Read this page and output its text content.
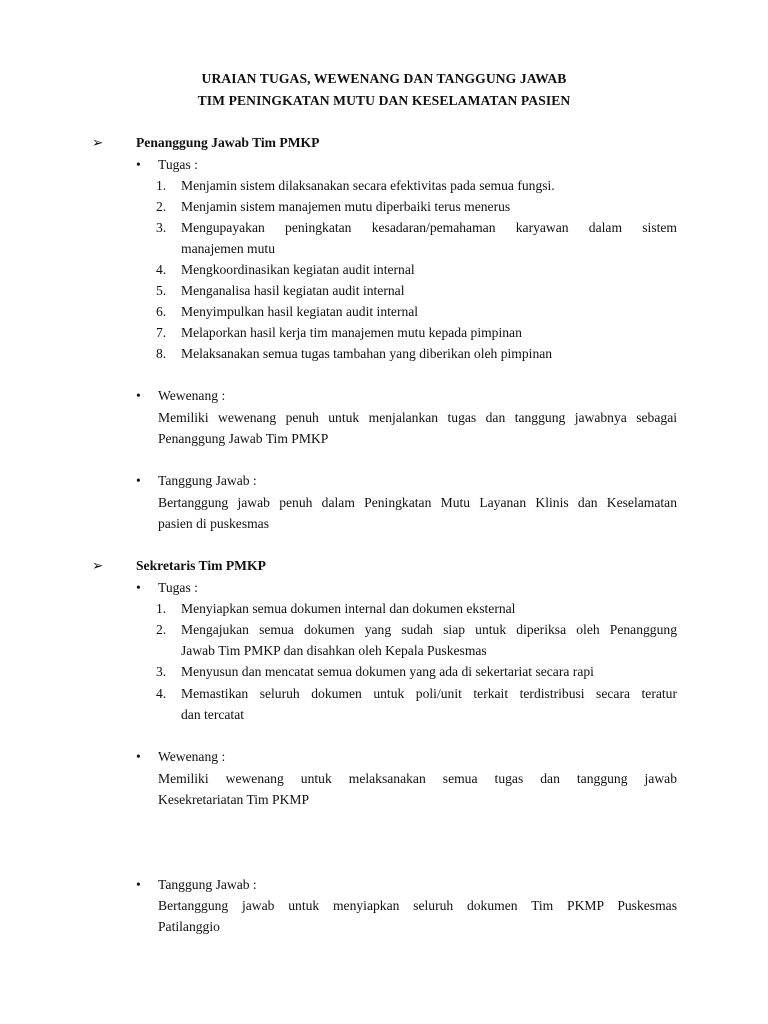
URAIAN TUGAS, WEWENANG DAN TANGGUNG JAWAB
TIM PENINGKATAN MUTU DAN KESELAMATAN PASIEN
➢ Penanggung Jawab Tim PMKP
• Tugas :
1. Menjamin sistem dilaksanakan secara efektivitas pada semua fungsi.
2. Menjamin sistem manajemen mutu diperbaiki terus menerus
3. Mengupayakan peningkatan kesadaran/pemahaman karyawan dalam sistem
manajemen mutu
4. Mengkoordinasikan kegiatan audit internal
5. Menganalisa hasil kegiatan audit internal
6. Menyimpulkan hasil kegiatan audit internal
7. Melaporkan hasil kerja tim manajemen mutu kepada pimpinan
8. Melaksanakan semua tugas tambahan yang diberikan oleh pimpinan
• Wewenang :
Memiliki wewenang penuh untuk menjalankan tugas dan tanggung jawabnya sebagai
Penanggung Jawab Tim PMKP
• Tanggung Jawab :
Bertanggung jawab penuh dalam Peningkatan Mutu Layanan Klinis dan Keselamatan
pasien di puskesmas
➢ Sekretaris Tim PMKP
• Tugas :
1. Menyiapkan semua dokumen internal dan dokumen eksternal
2. Mengajukan semua dokumen yang sudah siap untuk diperiksa oleh Penanggung
Jawab Tim PMKP dan disahkan oleh Kepala Puskesmas
3. Menyusun dan mencatat semua dokumen yang ada di sekertariat secara rapi
4. Memastikan seluruh dokumen untuk poli/unit terkait terdistribusi secara teratur
dan tercatat
• Wewenang :
Memiliki wewenang untuk melaksanakan semua tugas dan tanggung jawab
Kesekretariatan Tim PKMP
• Tanggung Jawab :
Bertanggung jawab untuk menyiapkan seluruh dokumen Tim PKMP Puskesmas
Patilanggio
